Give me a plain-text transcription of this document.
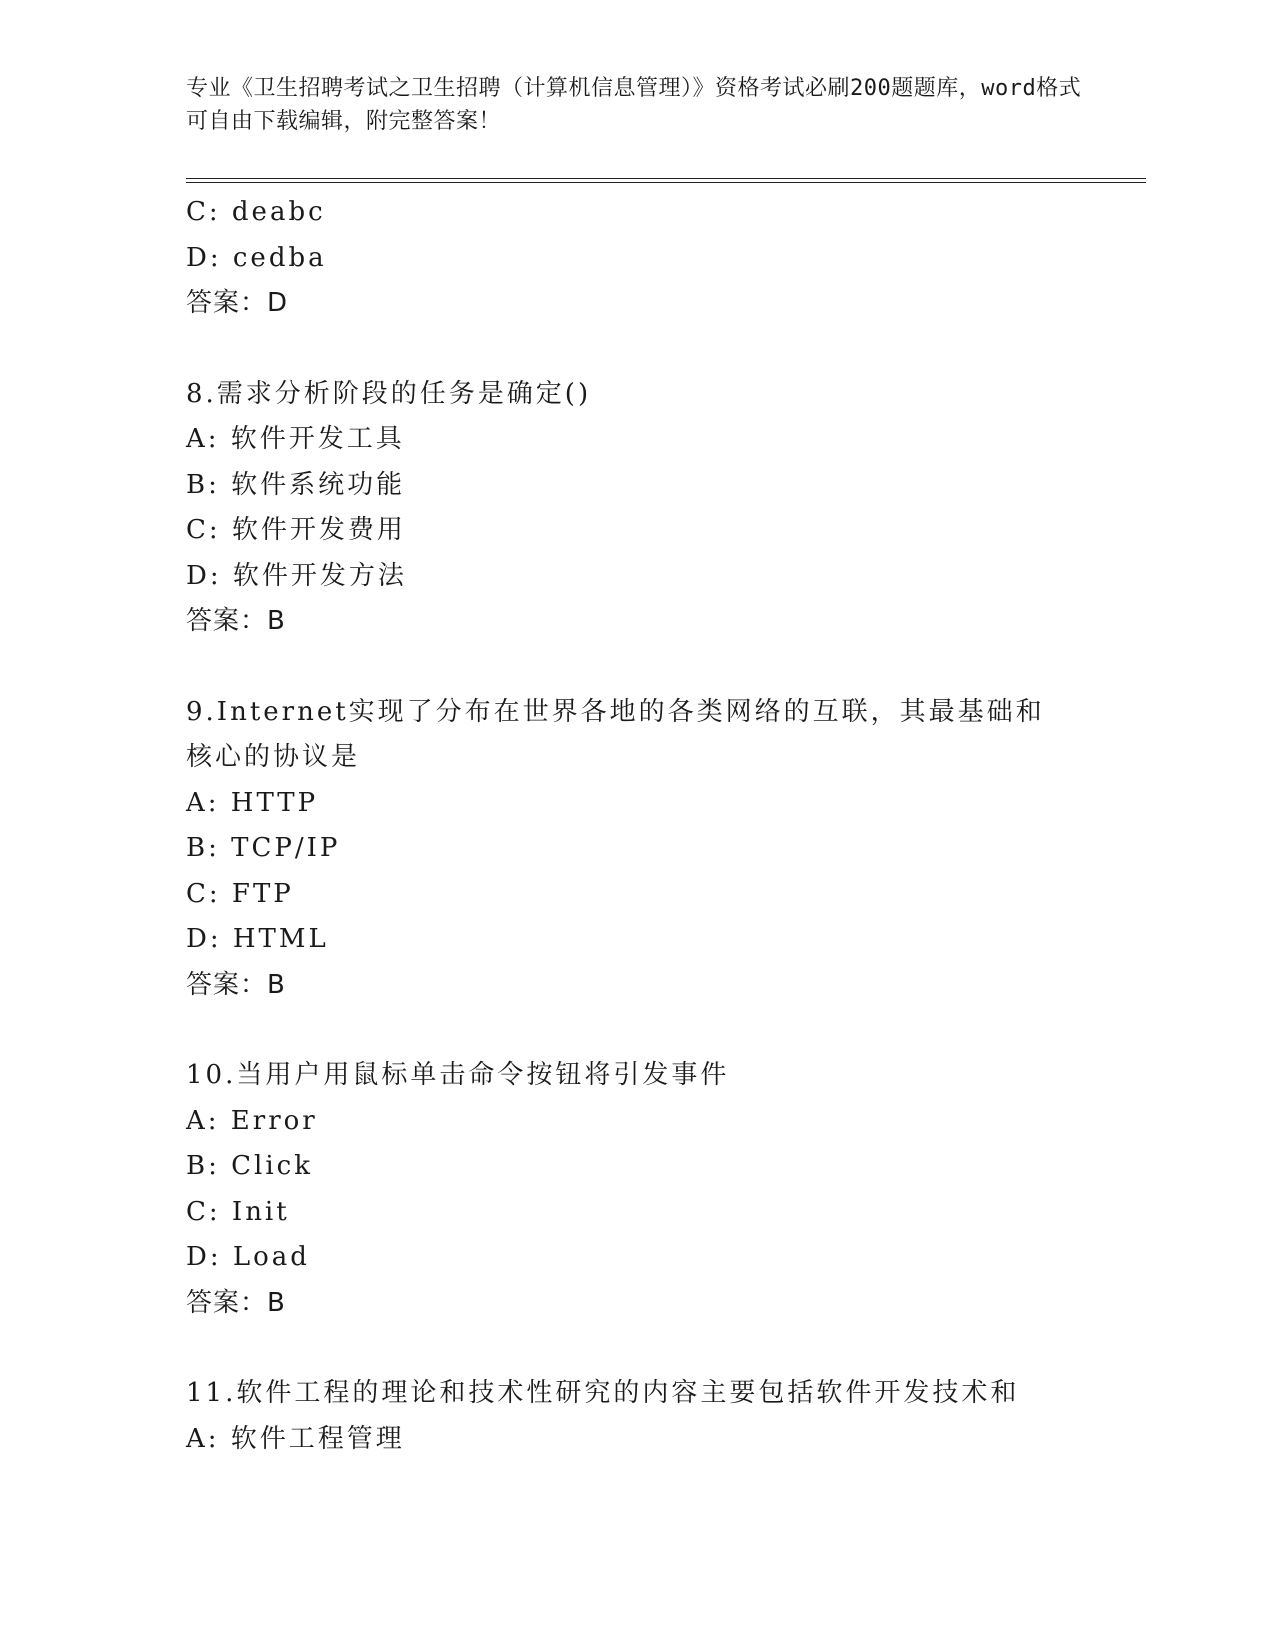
专业《卫生招聘考试之卫生招聘（计算机信息管理）》资格考试必刷200题题库，word格式可自由下载编辑，附完整答案！
C: deabc
D: cedba
答案：D
8.需求分析阶段的任务是确定()
A: 软件开发工具
B: 软件系统功能
C: 软件开发费用
D: 软件开发方法
答案：B
9.Internet实现了分布在世界各地的各类网络的互联，其最基础和核心的协议是
A: HTTP
B: TCP/IP
C: FTP
D: HTML
答案：B
10.当用户用鼠标单击命令按钮将引发事件
A: Error
B: Click
C: Init
D: Load
答案：B
11.软件工程的理论和技术性研究的内容主要包括软件开发技术和
A: 软件工程管理
